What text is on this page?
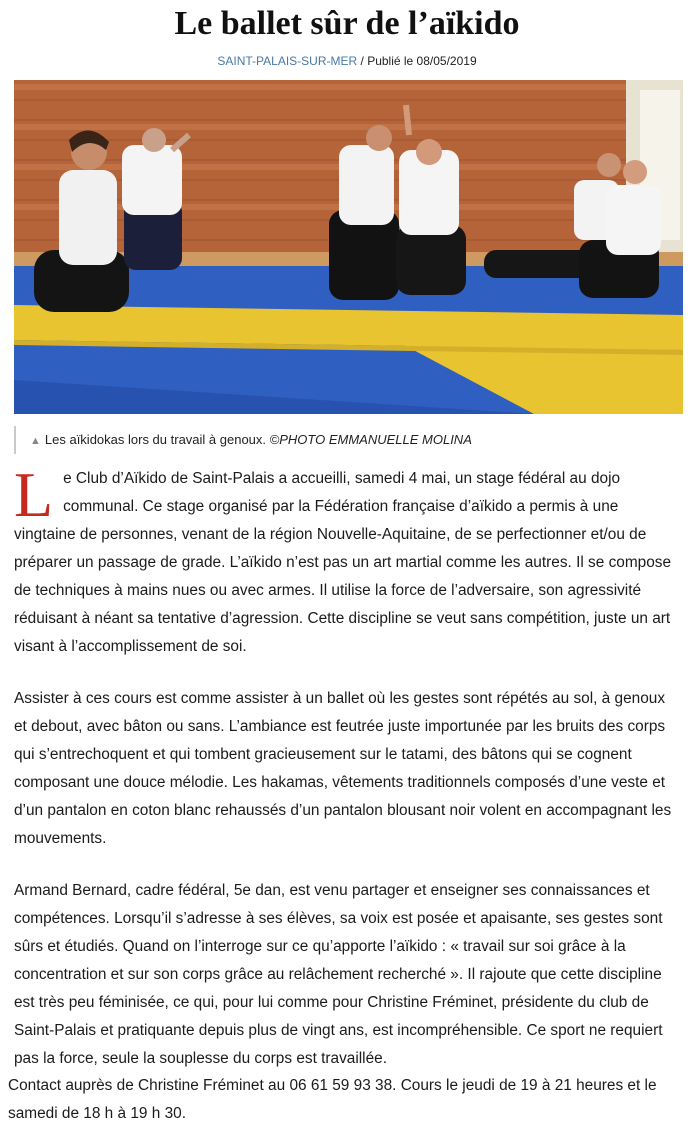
Le ballet sûr de l’aïkido
SAINT-PALAIS-SUR-MER / Publié le 08/05/2019
▲ Les aïkidokas lors du travail à genoux. ©PHOTO EMMANUELLE MOLINA

Le Club d’Aïkido de Saint-Palais a accueilli, samedi 4 mai, un stage fédéral au dojo communal. Ce stage organisé par la Fédération française d’aïkido a permis à une vingtaine de personnes, venant de la région Nouvelle-Aquitaine, de se perfectionner et/ou de préparer un passage de grade. L’aïkido n’est pas un art martial comme les autres. Il se compose de techniques à mains nues ou avec armes. Il utilise la force de l’adversaire, son agressivité réduisant à néant sa tentative d’agression. Cette discipline se veut sans compétition, juste un art visant à l’accomplissement de soi.

Assister à ces cours est comme assister à un ballet où les gestes sont répétés au sol, à genoux et debout, avec bâton ou sans. L’ambiance est feutrée juste importunée par les bruits des corps qui s’entrechoquent et qui tombent gracieusement sur le tatami, des bâtons qui se cognent composant une douce mélodie. Les hakamas, vêtements traditionnels composés d’une veste et d’un pantalon en coton blanc rehaussés d’un pantalon blousant noir volent en accompagnant les mouvements.

Armand Bernard, cadre fédéral, 5e dan, est venu partager et enseigner ses connaissances et compétences. Lorsqu’il s’adresse à ses élèves, sa voix est posée et apaisante, ses gestes sont sûrs et étudiés. Quand on l’interroge sur ce qu’apporte l’aïkido : « travail sur soi grâce à la concentration et sur son corps grâce au relâchement recherché ». Il rajoute que cette discipline est très peu féminisée, ce qui, pour lui comme pour Christine Fréminet, présidente du club de Saint-Palais et pratiquante depuis plus de vingt ans, est incompréhensible. Ce sport ne requiert pas la force, seule la souplesse du corps est travaillée.

Contact auprès de Christine Fréminet au 06 61 59 93 38. Cours le jeudi de 19 à 21 heures et le samedi de 18 h à 19 h 30.
